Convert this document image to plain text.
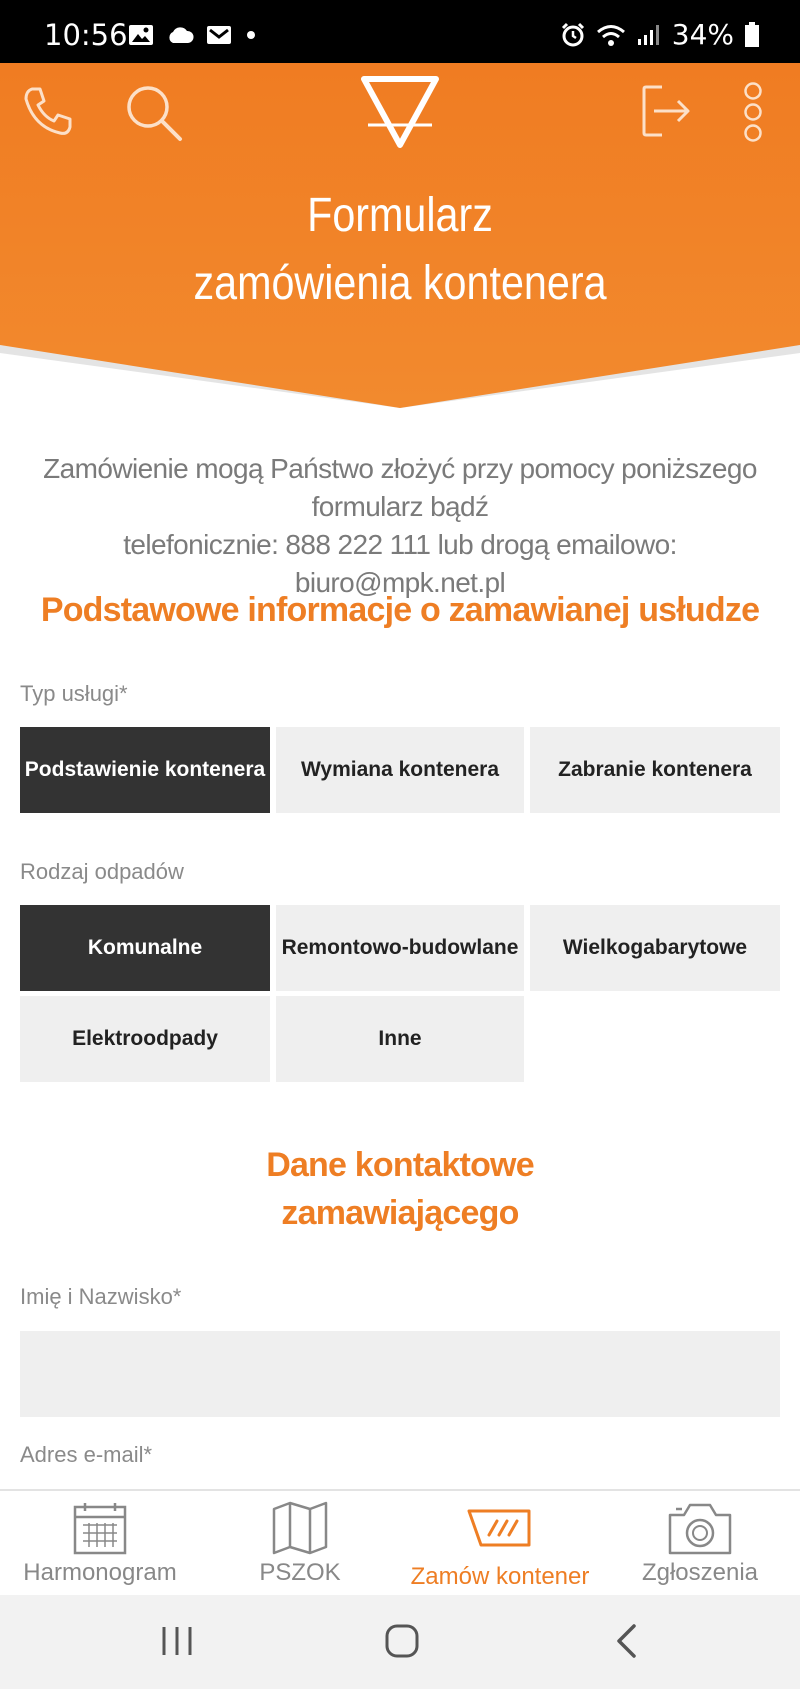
10:56	34%
Formularz
zamówienia kontenera
Zamówienie mogą Państwo złożyć przy pomocy poniższego formularz bądź
telefonicznie: 888 222 111 lub drogą emailowo: biuro@mpk.net.pl
Podstawowe informacje o zamawianej usłudze
Typ usługi*
Podstawienie kontenera	Wymiana kontenera	Zabranie kontenera
Rodzaj odpadów
Komunalne	Remontowo-budowlane	Wielkogabarytowe
Elektroodpady	Inne
Dane kontaktowe
zamawiającego
Imię i Nazwisko*
Adres e-mail*
Harmonogram	PSZOK	Zamów kontener	Zgłoszenia
